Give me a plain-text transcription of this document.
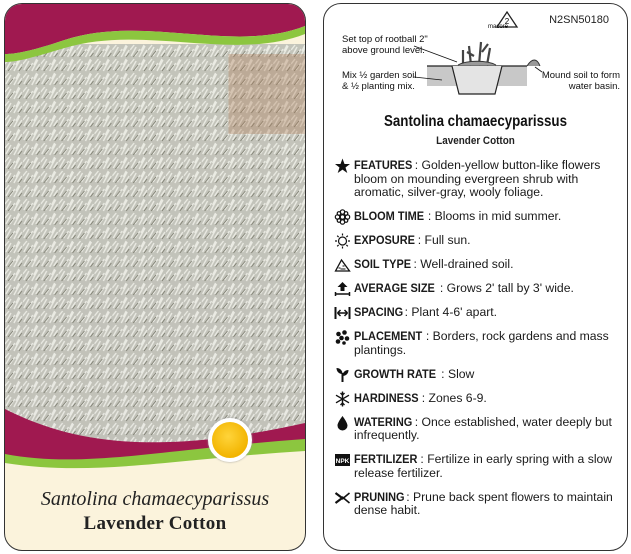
Santolina chamaecyparissus
Lavender Cotton
2
macore
N2SN50180
Set top of rootball 2"
above ground level.
Mix ½ garden soil
& ½ planting mix.
Mound soil to form
water basin.
Santolina chamaecyparissus
Lavender Cotton
FEATURES : Golden-yellow button-like flowers bloom on mounding evergreen shrub with aromatic, silver-gray, wooly foliage.
BLOOM TIME : Blooms in mid summer.
EXPOSURE : Full sun.
SOIL TYPE : Well-drained soil.
AVERAGE SIZE : Grows 2' tall by 3' wide.
SPACING: Plant 4-6' apart.
PLACEMENT : Borders, rock gardens and mass plantings.
GROWTH RATE : Slow
HARDINESS : Zones 6-9.
WATERING : Once established, water deeply but infrequently.
NPK FERTILIZER : Fertilize in early spring with a slow release fertilizer.
PRUNING : Prune back spent flowers to maintain dense habit.
